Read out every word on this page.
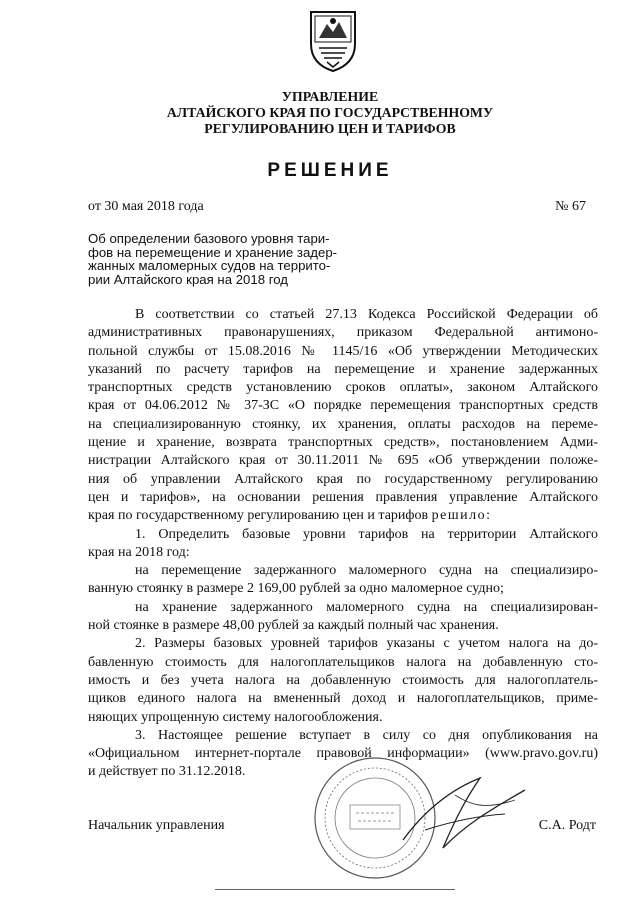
УПРАВЛЕНИЕ
АЛТАЙСКОГО КРАЯ ПО ГОСУДАРСТВЕННОМУ
РЕГУЛИРОВАНИЮ ЦЕН И ТАРИФОВ
РЕШЕНИЕ
от 30 мая 2018 года	№ 67
Об определении базового уровня тари-
фов на перемещение и хранение задер-
жанных маломерных судов на террито-
рии Алтайского края на 2018 год
В соответствии со статьей 27.13 Кодекса Российской Федерации об
административных правонарушениях, приказом Федеральной антимоно-
польной службы от 15.08.2016 № 1145/16 «Об утверждении Методических
указаний по расчету тарифов на перемещение и хранение задержанных
транспортных средств установлению сроков оплаты», законом Алтайского
края от 04.06.2012 № 37-ЗС «О порядке перемещения транспортных средств
на специализированную стоянку, их хранения, оплаты расходов на переме-
щение и хранение, возврата транспортных средств», постановлением Адми-
нистрации Алтайского края от 30.11.2011 № 695 «Об утверждении положе-
ния об управлении Алтайского края по государственному регулированию
цен и тарифов», на основании решения правления управление Алтайского
края по государственному регулированию цен и тарифов решило:
1. Определить базовые уровни тарифов на территории Алтайского
края на 2018 год:
на перемещение задержанного маломерного судна на специализиро-
ванную стоянку в размере 2 169,00 рублей за одно маломерное судно;
на хранение задержанного маломерного судна на специализирован-
ной стоянке в размере 48,00 рублей за каждый полный час хранения.
2. Размеры базовых уровней тарифов указаны с учетом налога на до-
бавленную стоимость для налогоплательщиков налога на добавленную сто-
имость и без учета налога на добавленную стоимость для налогоплатель-
щиков единого налога на вмененный доход и налогоплательщиков, приме-
няющих упрощенную систему налогообложения.
3. Настоящее решение вступает в силу со дня опубликования на
«Официальном интернет-портале правовой информации» (www.pravo.gov.ru)
и действует по 31.12.2018.
Начальник управления	С.А. Родт
